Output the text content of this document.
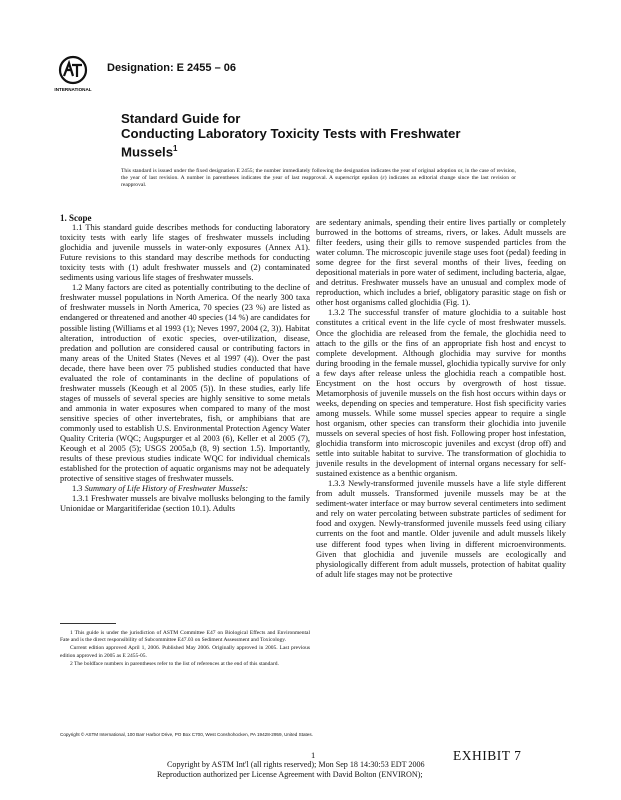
INTERNATIONAL
Designation: E 2455 – 06
Standard Guide for
Conducting Laboratory Toxicity Tests with Freshwater
Mussels$^1$
This standard is issued under the fixed designation E 2455; the number immediately following the designation indicates the year of original adoption or, in the case of revision, the year of last revision. A number in parentheses indicates the year of last reapproval. A superscript epsilon (ε) indicates an editorial change since the last revision or reapproval.

1. Scope

1.1 This standard guide describes methods for conducting laboratory toxicity tests with early life stages of freshwater mussels including glochidia and juvenile mussels in water-only exposures (Annex A1). Future revisions to this standard may describe methods for conducting toxicity tests with (1) adult freshwater mussels and (2) contaminated sediments using various life stages of freshwater mussels.

1.2 Many factors are cited as potentially contributing to the decline of freshwater mussel populations in North America. Of the nearly 300 taxa of freshwater mussels in North America, 70 species (23 %) are listed as endangered or threatened and another 40 species (14 %) are candidates for possible listing (Williams et al 1993 (1); Neves 1997, 2004 (2, 3)). Habitat alteration, introduction of exotic species, over-utilization, disease, predation and pollution are considered causal or contributing factors in many areas of the United States (Neves et al 1997 (4)). Over the past decade, there have been over 75 published studies conducted that have evaluated the role of contaminants in the decline of populations of freshwater mussels (Keough et al 2005 (5)). In these studies, early life stages of mussels of several species are highly sensitive to some metals and ammonia in water exposures when compared to many of the most sensitive species of other invertebrates, fish, or amphibians that are commonly used to establish U.S. Environmental Protection Agency Water Quality Criteria (WQC; Augspurger et al 2003 (6), Keller et al 2005 (7), Keough et al 2005 (5); USGS 2005a,b (8, 9) section 1.5). Importantly, results of these previous studies indicate WQC for individual chemicals established for the protection of aquatic organisms may not be adequately protective of sensitive stages of freshwater mussels.

1.3 Summary of Life History of Freshwater Mussels:

1.3.1 Freshwater mussels are bivalve mollusks belonging to the family Unionidae or Margaritiferidae (section 10.1). Adults

are sedentary animals, spending their entire lives partially or completely burrowed in the bottoms of streams, rivers, or lakes. Adult mussels are filter feeders, using their gills to remove suspended particles from the water column. The microscopic juvenile stage uses foot (pedal) feeding in some degree for the first several months of their lives, feeding on depositional materials in pore water of sediment, including bacteria, algae, and detritus. Freshwater mussels have an unusual and complex mode of reproduction, which includes a brief, obligatory parasitic stage on fish or other host organisms called glochidia (Fig. 1).

1.3.2 The successful transfer of mature glochidia to a suitable host constitutes a critical event in the life cycle of most freshwater mussels. Once the glochidia are released from the female, the glochidia need to attach to the gills or the fins of an appropriate fish host and encyst to complete development. Although glochidia may survive for months during brooding in the female mussel, glochidia typically survive for only a few days after release unless the glochidia reach a compatible host. Encystment on the host occurs by overgrowth of host tissue. Metamorphosis of juvenile mussels on the fish host occurs within days or weeks, depending on species and temperature. Host fish specificity varies among mussels. While some mussel species appear to require a single host organism, other species can transform their glochidia into juvenile mussels on several species of host fish. Following proper host infestation, glochidia transform into microscopic juveniles and excyst (drop off) and settle into suitable habitat to survive. The transformation of glochidia to juvenile results in the development of internal organs necessary for self-sustained existence as a benthic organism.

1.3.3 Newly-transformed juvenile mussels have a life style different from adult mussels. Transformed juvenile mussels may be at the sediment-water interface or may burrow several centimeters into sediment and rely on water percolating between substrate particles of sediment for food and oxygen. Newly-transformed juvenile mussels feed using ciliary currents on the foot and mantle. Older juvenile and adult mussels likely use different food types when living in different microenvironments. Given that glochidia and juvenile mussels are ecologically and physiologically different from adult mussels, protection of habitat quality of adult life stages may not be protective

1 This guide is under the jurisdiction of ASTM Committee E47 on Biological Effects and Environmental Fate and is the direct responsibility of Subcommittee E47.03 on Sediment Assessment and Toxicology.

Current edition approved April 1, 2006. Published May 2006. Originally approved in 2005. Last previous edition approved in 2005 as E 2455-05.

2 The boldface numbers in parentheses refer to the list of references at the end of this standard.

Copyright © ASTM International, 100 Barr Harbor Drive, PO Box C700, West Conshohocken, PA 19428-2959, United States.
1	EXHIBIT 7
Copyright by ASTM Int'l (all rights reserved); Mon Sep 18 14:30:53 EDT 2006
Reproduction authorized per License Agreement with David Bolton (ENVIRON);
